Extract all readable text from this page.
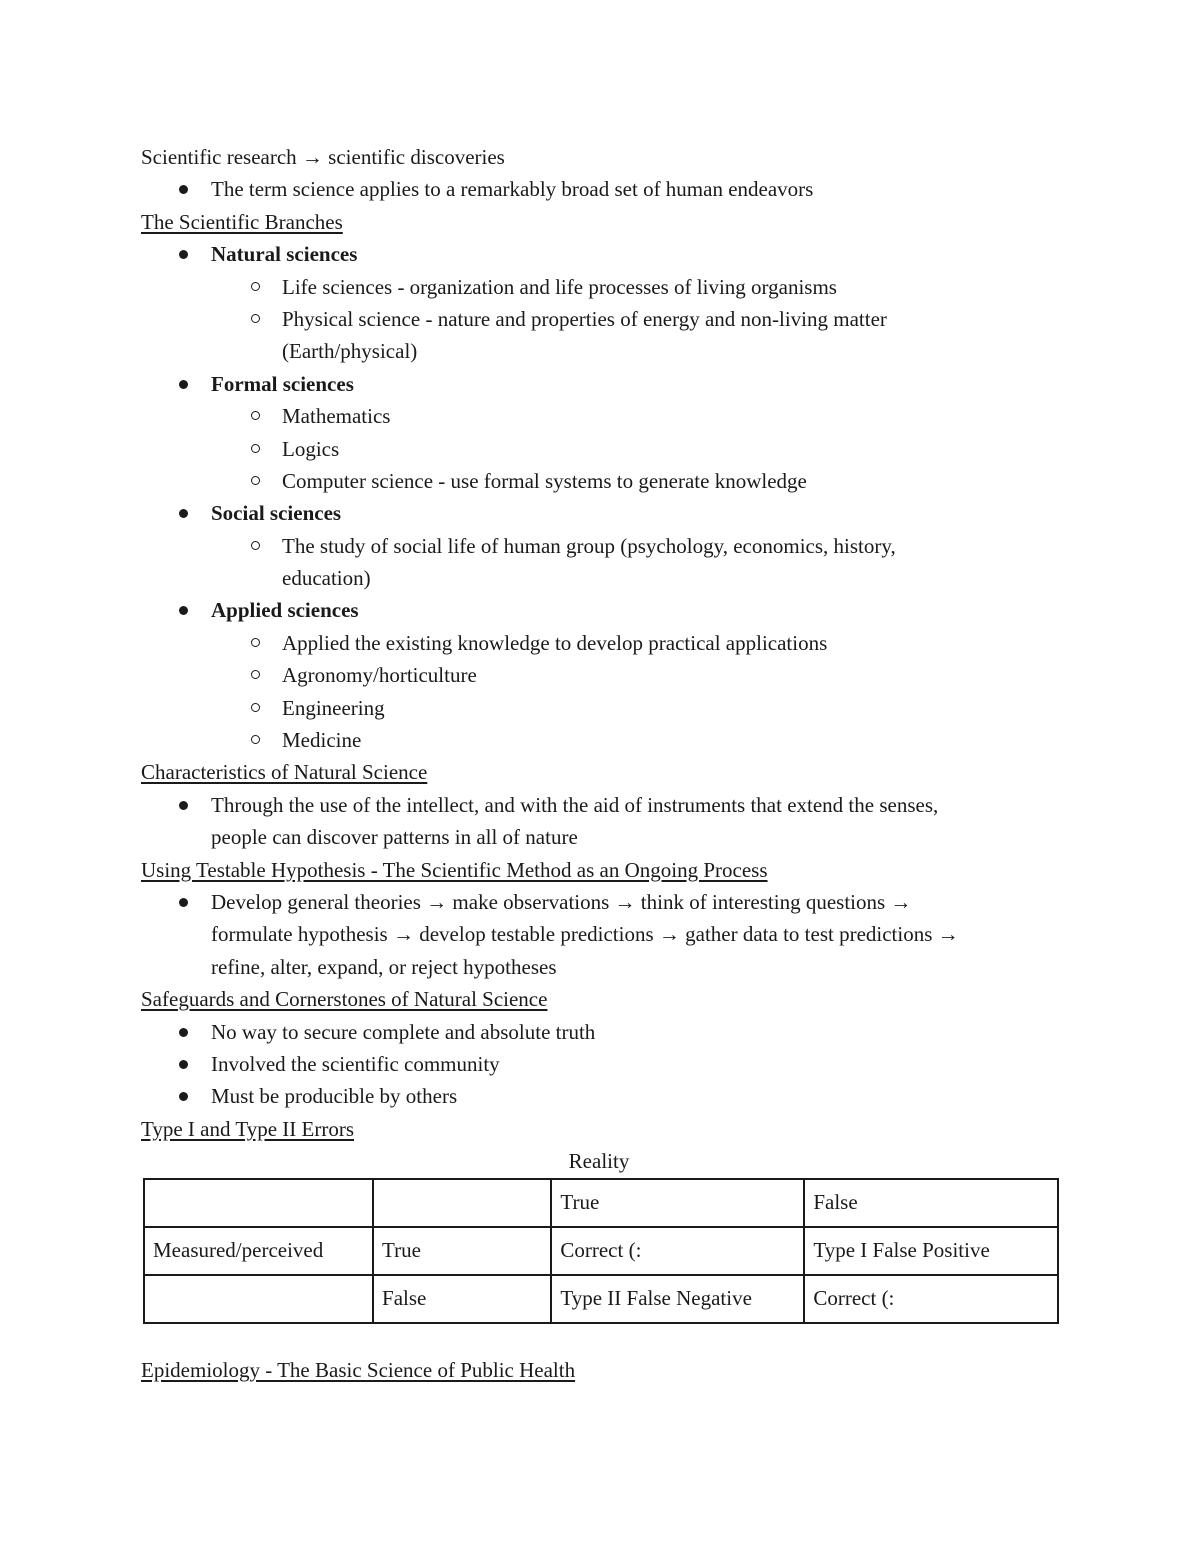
Scientific research → scientific discoveries
The term science applies to a remarkably broad set of human endeavors
The Scientific Branches
Natural sciences
Life sciences - organization and life processes of living organisms
Physical science - nature and properties of energy and non-living matter
(Earth/physical)
Formal sciences
Mathematics
Logics
Computer science - use formal systems to generate knowledge
Social sciences
The study of social life of human group (psychology, economics, history,
education)
Applied sciences
Applied the existing knowledge to develop practical applications
Agronomy/horticulture
Engineering
Medicine
Characteristics of Natural Science
Through the use of the intellect, and with the aid of instruments that extend the senses,
people can discover patterns in all of nature
Using Testable Hypothesis - The Scientific Method as an Ongoing Process
Develop general theories → make observations → think of interesting questions →
formulate hypothesis → develop testable predictions → gather data to test predictions →
refine, alter, expand, or reject hypotheses
Safeguards and Cornerstones of Natural Science
No way to secure complete and absolute truth
Involved the scientific community
Must be producible by others
Type I and Type II Errors
Reality
		True	False
Measured/perceived	True	Correct (:	Type I False Positive
	False	Type II False Negative	Correct (:
Epidemiology - The Basic Science of Public Health
